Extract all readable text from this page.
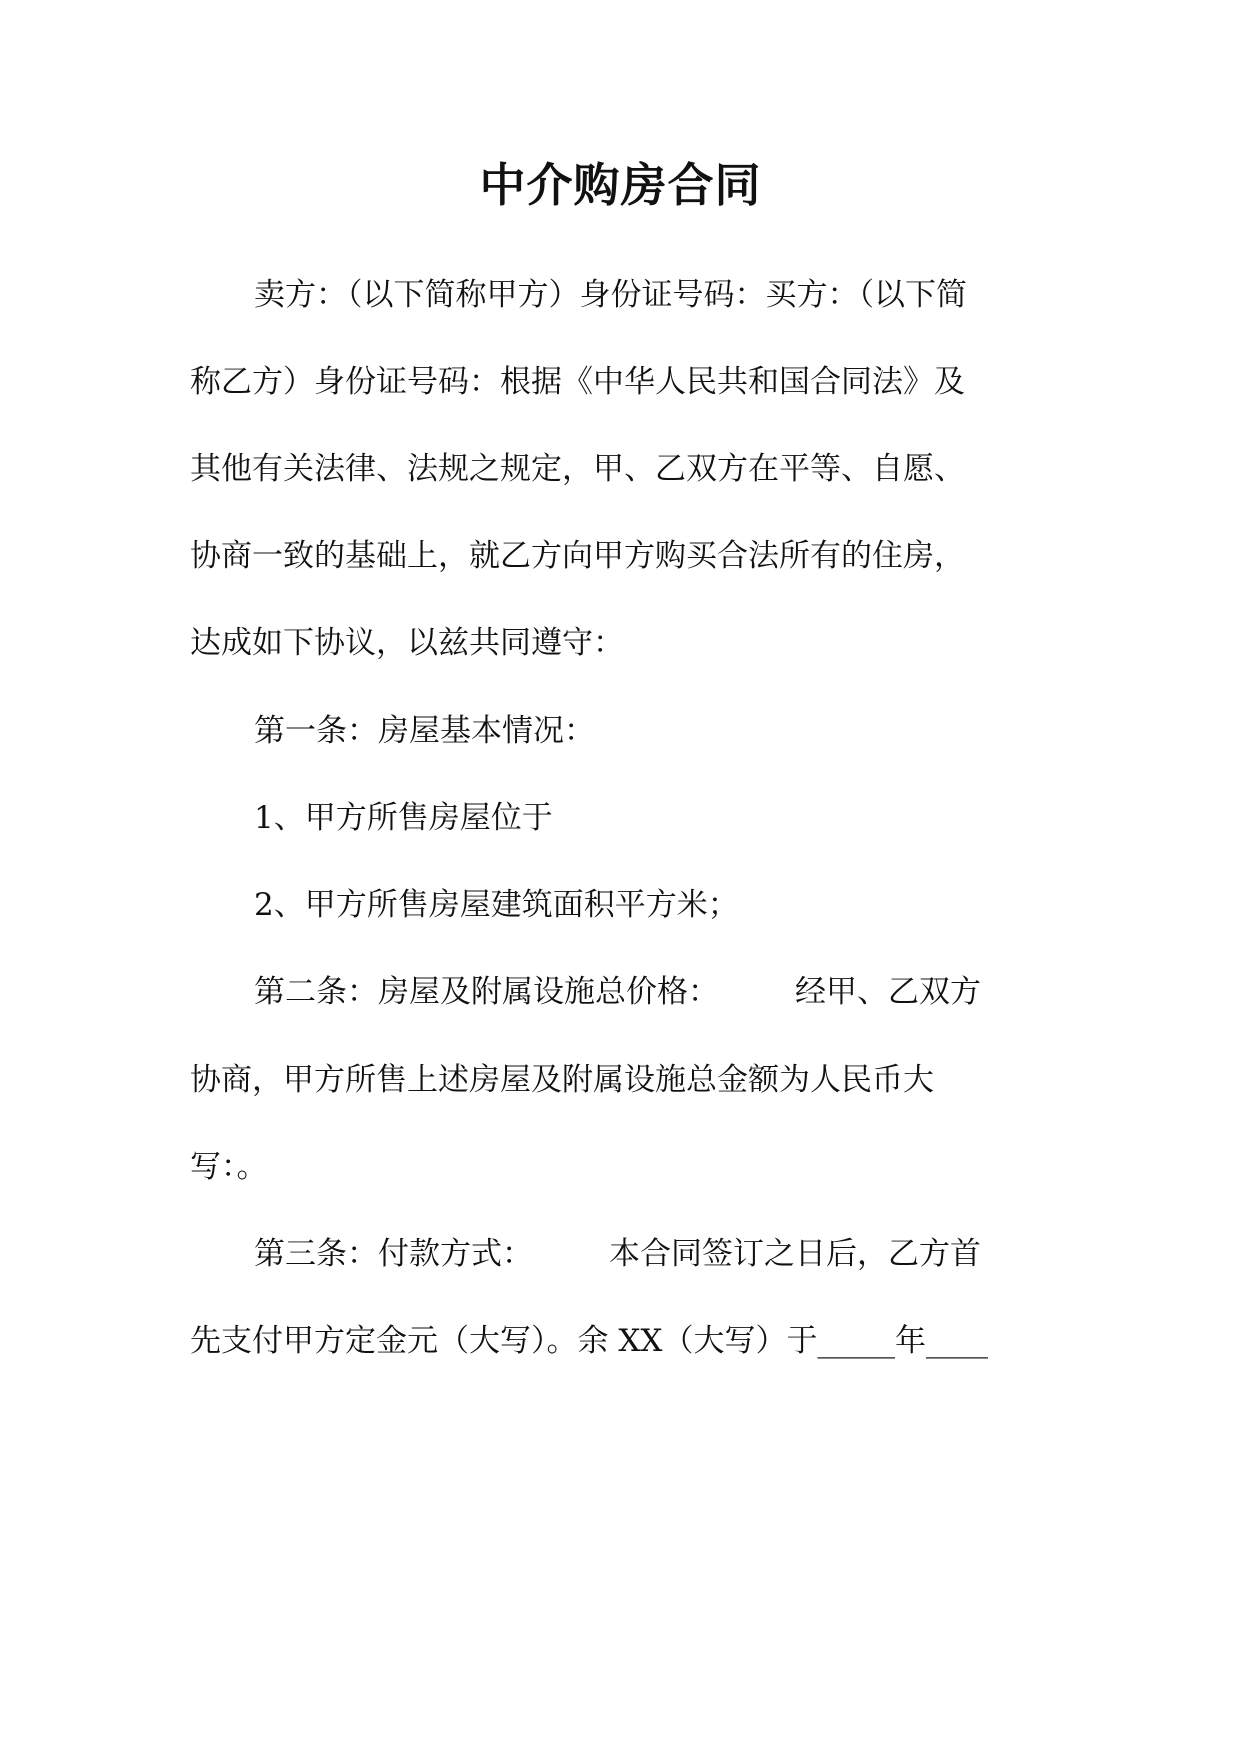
中介购房合同

卖方：（以下简称甲方）身份证号码：买方：（以下简

称乙方）身份证号码：根据《中华人民共和国合同法》及

其他有关法律、法规之规定，甲、乙双方在平等、自愿、

协商一致的基础上，就乙方向甲方购买合法所有的住房，

达成如下协议，以兹共同遵守：

第一条：房屋基本情况：

1、甲方所售房屋位于

2、甲方所售房屋建筑面积平方米；

第二条：房屋及附属设施总价格： 经甲、乙双方

协商，甲方所售上述房屋及附属设施总金额为人民币大

写：。

第三条：付款方式： 本合同签订之日后，乙方首

先支付甲方定金元（大写）。余 XX（大写）于_____年____
